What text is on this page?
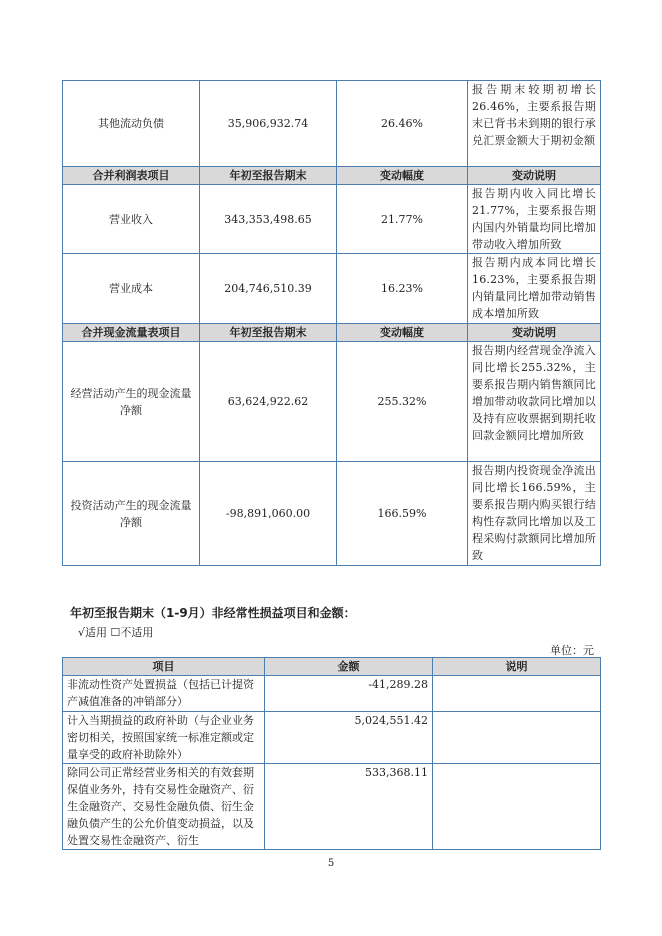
其他流动负债	35,906,932.74	26.46%	报告期末较期初增长26.46%，主要系报告期末已背书未到期的银行承兑汇票金额大于期初金额
合并利润表项目	年初至报告期末	变动幅度	变动说明
营业收入	343,353,498.65	21.77%	报告期内收入同比增长21.77%，主要系报告期内国内外销量均同比增加带动收入增加所致
营业成本	204,746,510.39	16.23%	报告期内成本同比增长16.23%，主要系报告期内销量同比增加带动销售成本增加所致
合并现金流量表项目	年初至报告期末	变动幅度	变动说明
经营活动产生的现金流量净额	63,624,922.62	255.32%	报告期内经营现金净流入同比增长255.32%，主要系报告期内销售额同比增加带动收款同比增加以及持有应收票据到期托收回款金额同比增加所致
投资活动产生的现金流量净额	-98,891,060.00	166.59%	报告期内投资现金净流出同比增长166.59%，主要系报告期内购买银行结构性存款同比增加以及工程采购付款额同比增加所致
年初至报告期末（1-9月）非经常性损益项目和金额：
√适用 ☐不适用
单位：元
项目	金额	说明
非流动性资产处置损益（包括已计提资产减值准备的冲销部分）	-41,289.28	
计入当期损益的政府补助（与企业业务密切相关，按照国家统一标准定额或定量享受的政府补助除外）	5,024,551.42	
除同公司正常经营业务相关的有效套期保值业务外，持有交易性金融资产、衍生金融资产、交易性金融负债、衍生金融负债产生的公允价值变动损益，以及处置交易性金融资产、衍生	533,368.11	
5
